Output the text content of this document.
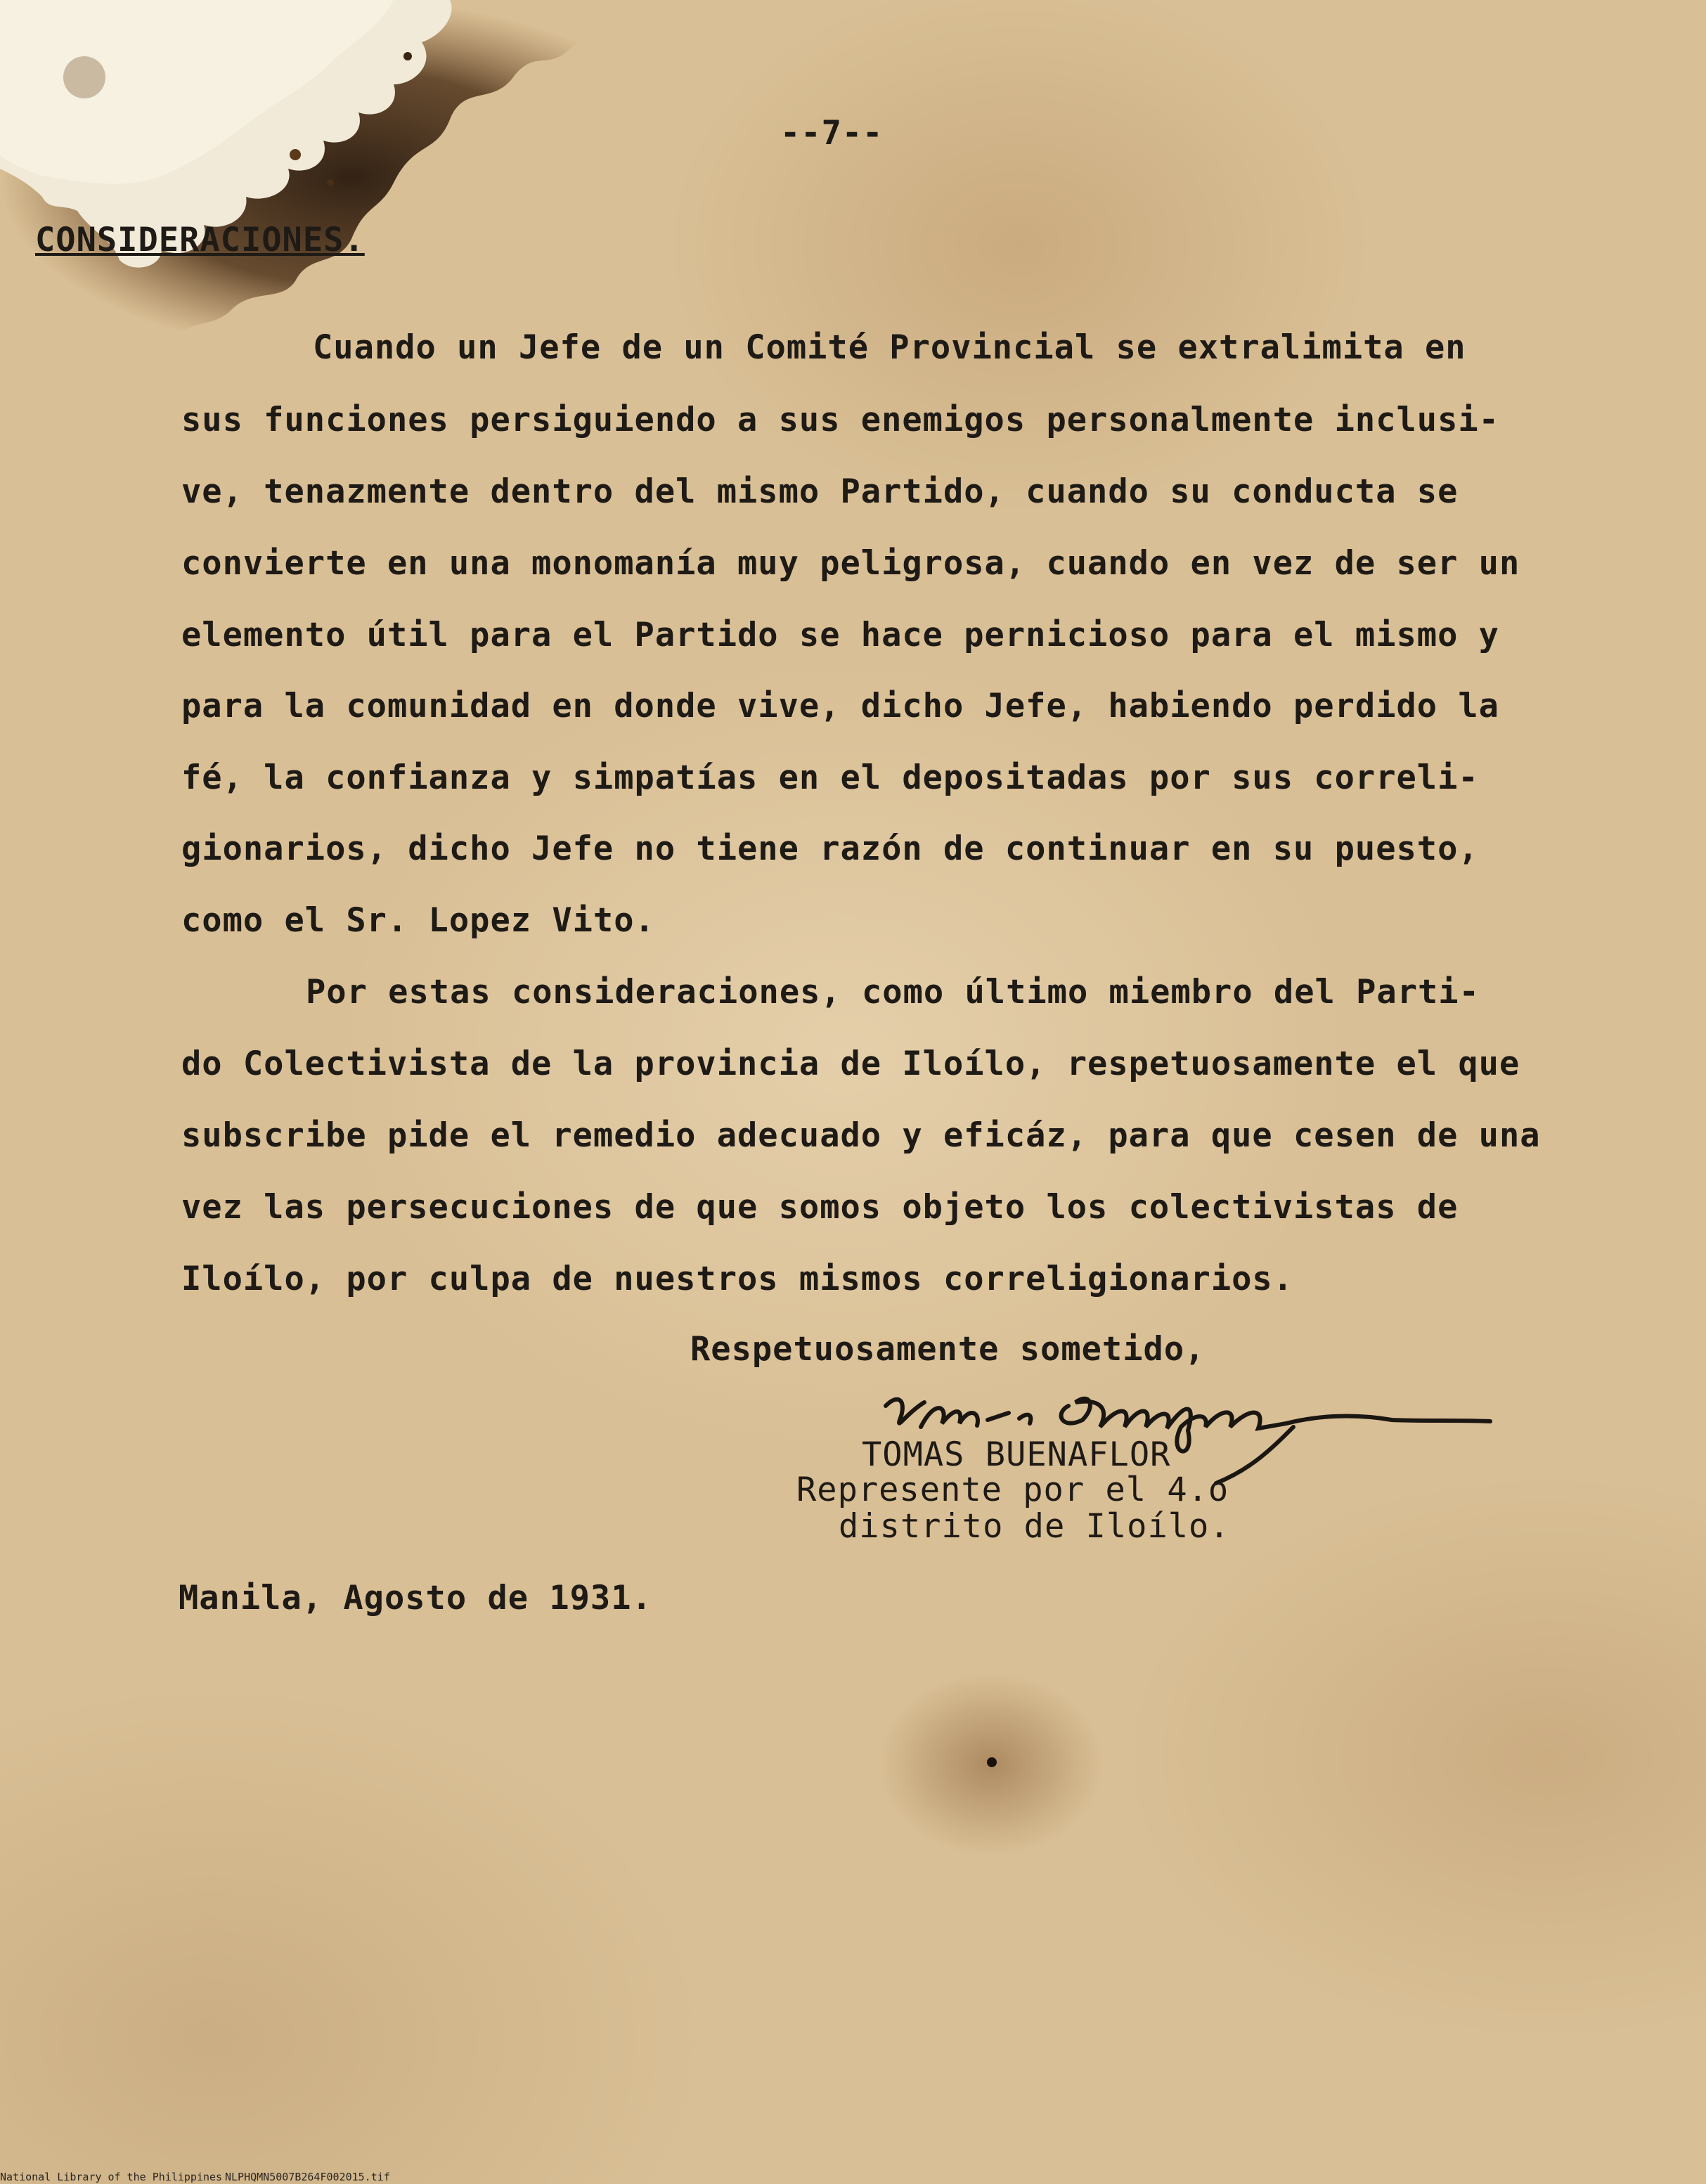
--7--
CONSIDERACIONES.
Cuando un Jefe de un Comité Provincial se extralimita en
sus funciones persiguiendo a sus enemigos personalmente inclusi-
ve, tenazmente dentro del mismo Partido, cuando su conducta se
convierte en una monomanía muy peligrosa, cuando en vez de ser un
elemento útil para el Partido se hace pernicioso para el mismo y
para la comunidad en donde vive, dicho Jefe, habiendo perdido la
fé, la confianza y simpatías en el depositadas por sus correli-
gionarios, dicho Jefe no tiene razón de continuar en su puesto,
como el Sr. Lopez Vito.
Por estas consideraciones, como último miembro del Parti-
do Colectivista de la provincia de Iloílo, respetuosamente el que
subscribe pide el remedio adecuado y eficáz, para que cesen de una
vez las persecuciones de que somos objeto los colectivistas de
Iloílo, por culpa de nuestros mismos correligionarios.
Respetuosamente sometido,
TOMAS BUENAFLOR
Represente por el 4.o
distrito de Iloílo.
Manila, Agosto de 1931.
National Library of the Philippines NLPHQMN5007B264F002015.tif
